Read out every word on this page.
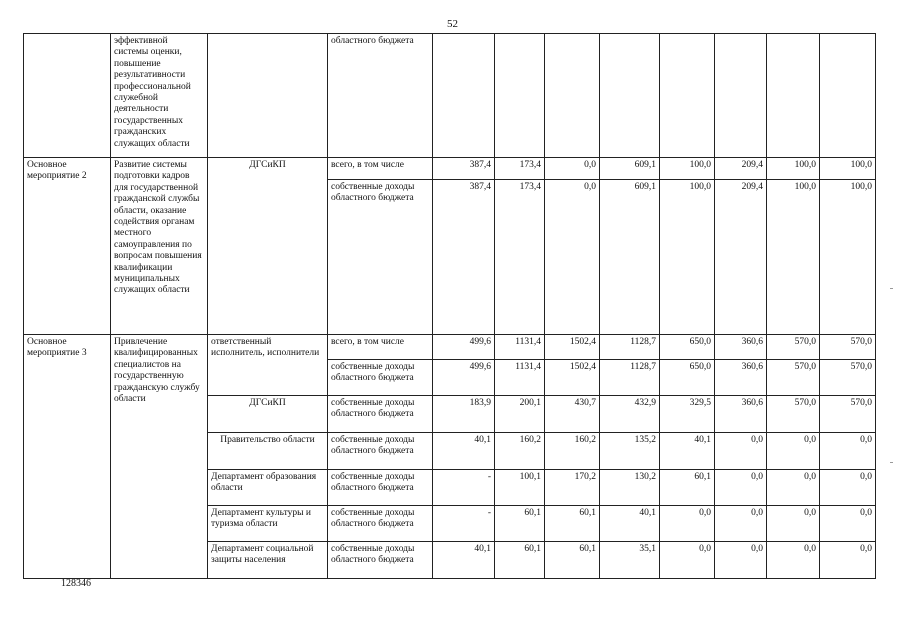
52
	эффективной системы оценки, повышение результативности профессиональной служебной деятельности государственных гражданских служащих области		областного бюджета								
Основное мероприятие 2	Развитие системы подготовки кадров для государственной гражданской службы области, оказание содействия органам местного самоуправления по вопросам повышения квалификации муниципальных служащих области	ДГСиКП	всего, в том числе	387,4	173,4	0,0	609,1	100,0	209,4	100,0	100,0
			собственные доходы областного бюджета	387,4	173,4	0,0	609,1	100,0	209,4	100,0	100,0
Основное мероприятие 3	Привлечение квалифицированных специалистов на государственную гражданскую службу области	ответственный исполнитель, исполнители	всего, в том числе	499,6	1131,4	1502,4	1128,7	650,0	360,6	570,0	570,0
			собственные доходы областного бюджета	499,6	1131,4	1502,4	1128,7	650,0	360,6	570,0	570,0
		ДГСиКП	собственные доходы областного бюджета	183,9	200,1	430,7	432,9	329,5	360,6	570,0	570,0
		Правительство области	собственные доходы областного бюджета	40,1	160,2	160,2	135,2	40,1	0,0	0,0	0,0
		Департамент образования области	собственные доходы областного бюджета	-	100,1	170,2	130,2	60,1	0,0	0,0	0,0
		Департамент культуры и туризма области	собственные доходы областного бюджета	-	60,1	60,1	40,1	0,0	0,0	0,0	0,0
		Департамент социальной защиты населения	собственные доходы областного бюджета	40,1	60,1	60,1	35,1	0,0	0,0	0,0	0,0
128346
